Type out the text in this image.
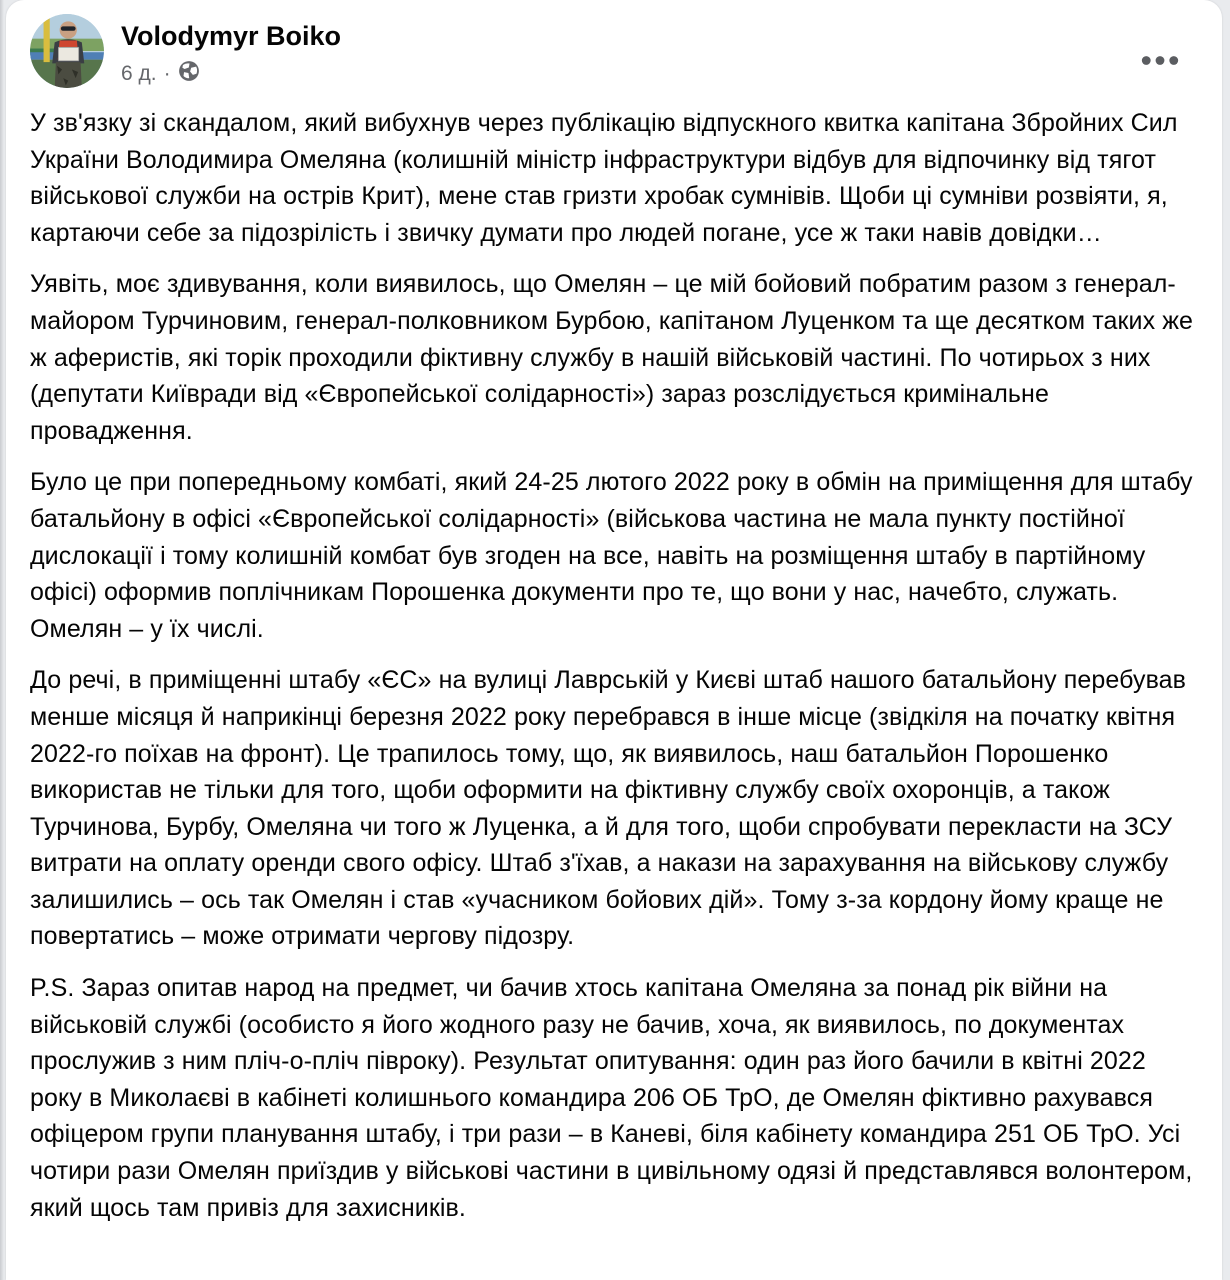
Volodymyr Boiko
6 д. ·

У зв'язку зі скандалом, який вибухнув через публікацію відпускного квитка капітана Збройних Сил України Володимира Омеляна (колишній міністр інфраструктури відбув для відпочинку від тягот військової служби на острів Крит), мене став гризти хробак сумнівів. Щоби ці сумніви розвіяти, я, картаючи себе за підозрілість і звичку думати про людей погане, усе ж таки навів довідки…

Уявіть, моє здивування, коли виявилось, що Омелян – це мій бойовий побратим разом з генерал-майором Турчиновим, генерал-полковником Бурбою, капітаном Луценком та ще десятком таких же ж аферистів, які торік проходили фіктивну службу в нашій військовій частині. По чотирьох з них (депутати Київради від «Європейської солідарності») зараз розслідується кримінальне провадження.

Було це при попередньому комбаті, який 24-25 лютого 2022 року в обмін на приміщення для штабу батальйону в офісі «Європейської солідарності» (військова частина не мала пункту постійної дислокації і тому колишній комбат був згоден на все, навіть на розміщення штабу в партійному офісі) оформив поплічникам Порошенка документи про те, що вони у нас, начебто, служать. Омелян – у їх числі.

До речі, в приміщенні штабу «ЄС» на вулиці Лаврській у Києві штаб нашого батальйону перебував менше місяця й наприкінці березня 2022 року перебрався в інше місце (звідкіля на початку квітня 2022-го поїхав на фронт). Це трапилось тому, що, як виявилось, наш батальйон Порошенко використав не тільки для того, щоби оформити на фіктивну службу своїх охоронців, а також Турчинова, Бурбу, Омеляна чи того ж Луценка, а й для того, щоби спробувати перекласти на ЗСУ витрати на оплату оренди свого офісу. Штаб з'їхав, а накази на зарахування на військову службу залишились – ось так Омелян і став «учасником бойових дій». Тому з-за кордону йому краще не повертатись – може отримати чергову підозру.

P.S. Зараз опитав народ на предмет, чи бачив хтось капітана Омеляна за понад рік війни на військовій службі (особисто я його жодного разу не бачив, хоча, як виявилось, по документах прослужив з ним пліч-о-пліч півроку). Результат опитування: один раз його бачили в квітні 2022 року в Миколаєві в кабінеті колишнього командира 206 ОБ ТрО, де Омелян фіктивно рахувався офіцером групи планування штабу, і три рази – в Каневі, біля кабінету командира 251 ОБ ТрО. Усі чотири рази Омелян приїздив у військові частини в цивільному одязі й представлявся волонтером, який щось там привіз для захисників.
